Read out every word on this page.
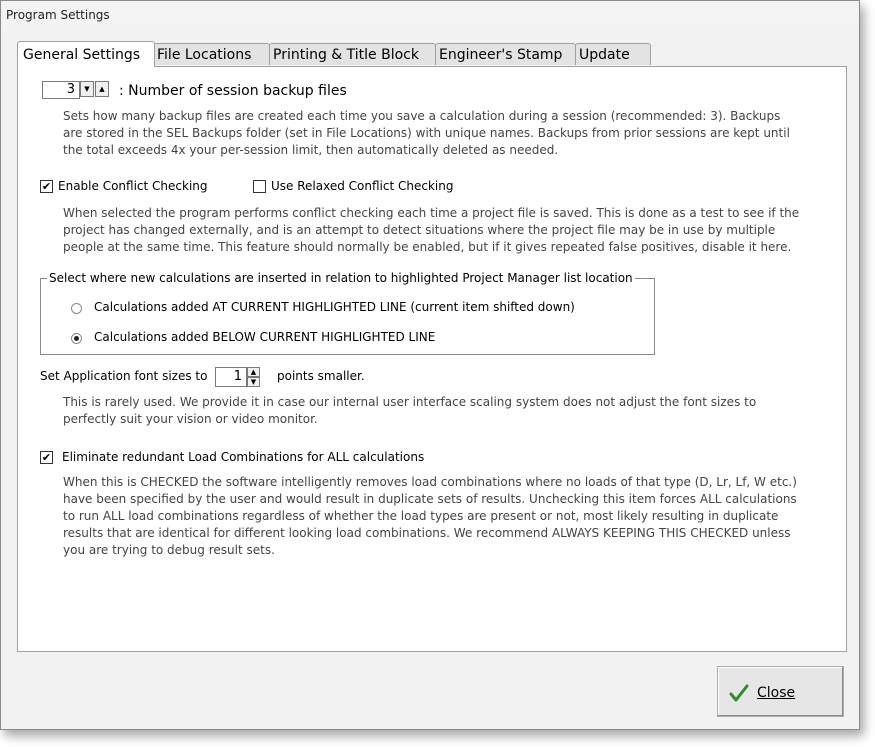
Program Settings
General Settings	File Locations	Printing & Title Block	Engineer's Stamp	Update
3	▼	▲	: Number of session backup files
Sets how many backup files are created each time you save a calculation during a session (recommended: 3). Backups are stored in the SEL Backups folder (set in File Locations) with unique names. Backups from prior sessions are kept until the total exceeds 4x your per-session limit, then automatically deleted as needed.
✔ Enable Conflict Checking	Use Relaxed Conflict Checking
When selected the program performs conflict checking each time a project file is saved. This is done as a test to see if the project has changed externally, and is an attempt to detect situations where the project file may be in use by multiple people at the same time. This feature should normally be enabled, but if it gives repeated false positives, disable it here.
Select where new calculations are inserted in relation to highlighted Project Manager list location
Calculations added AT CURRENT HIGHLIGHTED LINE (current item shifted down)
Calculations added BELOW CURRENT HIGHLIGHTED LINE
Set Application font sizes to	1	▲
▼	points smaller.
This is rarely used. We provide it in case our internal user interface scaling system does not adjust the font sizes to perfectly suit your vision or video monitor.
✔ Eliminate redundant Load Combinations for ALL calculations
When this is CHECKED the software intelligently removes load combinations where no loads of that type (D, Lr, Lf, W etc.) have been specified by the user and would result in duplicate sets of results. Unchecking this item forces ALL calculations to run ALL load combinations regardless of whether the load types are present or not, most likely resulting in duplicate results that are identical for different looking load combinations. We recommend ALWAYS KEEPING THIS CHECKED unless you are trying to debug result sets.
Close
